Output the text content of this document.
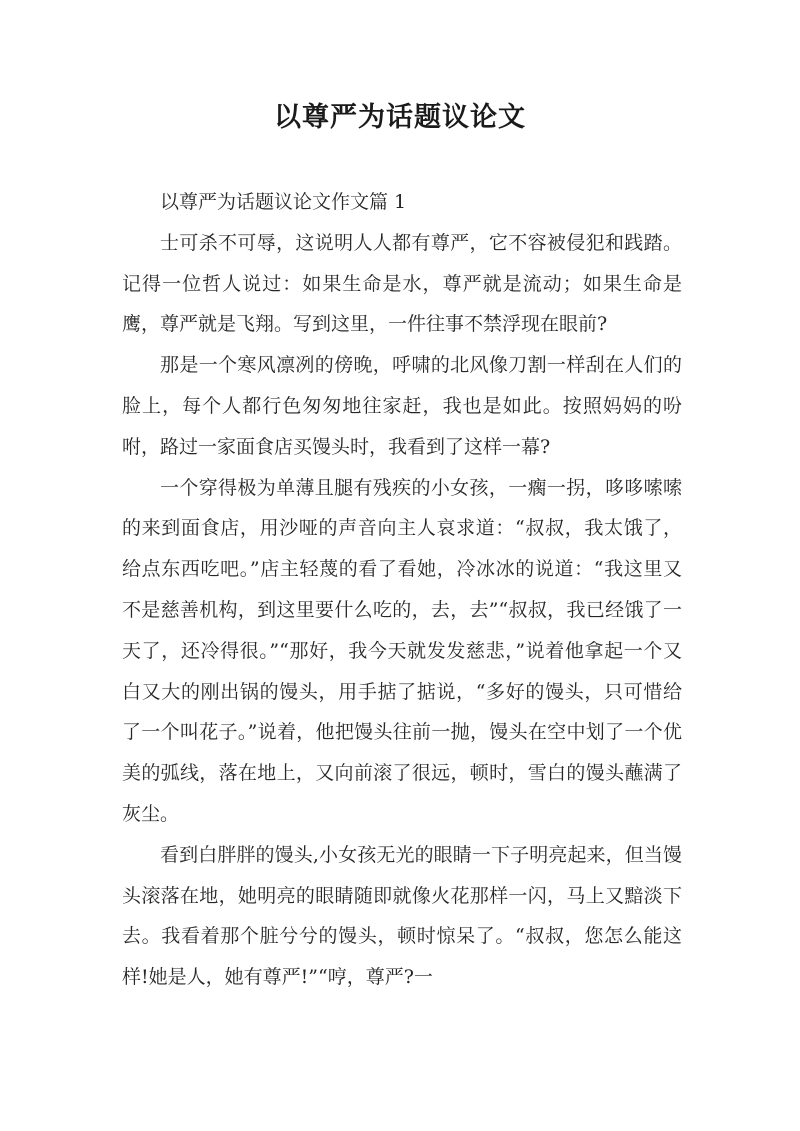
以尊严为话题议论文

以尊严为话题议论文作文篇 1

士可杀不可辱，这说明人人都有尊严，它不容被侵犯和践踏。记得一位哲人说过：如果生命是水，尊严就是流动；如果生命是鹰，尊严就是飞翔。写到这里，一件往事不禁浮现在眼前?

那是一个寒风凛冽的傍晚，呼啸的北风像刀割一样刮在人们的脸上，每个人都行色匆匆地往家赶，我也是如此。按照妈妈的吩咐，路过一家面食店买馒头时，我看到了这样一幕?

一个穿得极为单薄且腿有残疾的小女孩，一瘸一拐，哆哆嗦嗦的来到面食店，用沙哑的声音向主人哀求道：“叔叔，我太饿了，给点东西吃吧。”店主轻蔑的看了看她，冷冰冰的说道：“我这里又不是慈善机构，到这里要什么吃的，去，去”“叔叔，我已经饿了一天了，还冷得很。”“那好，我今天就发发慈悲，”说着他拿起一个又白又大的刚出锅的馒头，用手掂了掂说，“多好的馒头，只可惜给了一个叫花子。”说着，他把馒头往前一抛，馒头在空中划了一个优美的弧线，落在地上，又向前滚了很远，顿时，雪白的馒头蘸满了灰尘。

看到白胖胖的馒头,小女孩无光的眼睛一下子明亮起来，但当馒头滚落在地，她明亮的眼睛随即就像火花那样一闪，马上又黯淡下去。我看着那个脏兮兮的馒头，顿时惊呆了。“叔叔，您怎么能这样!她是人，她有尊严!”“哼，尊严?一
